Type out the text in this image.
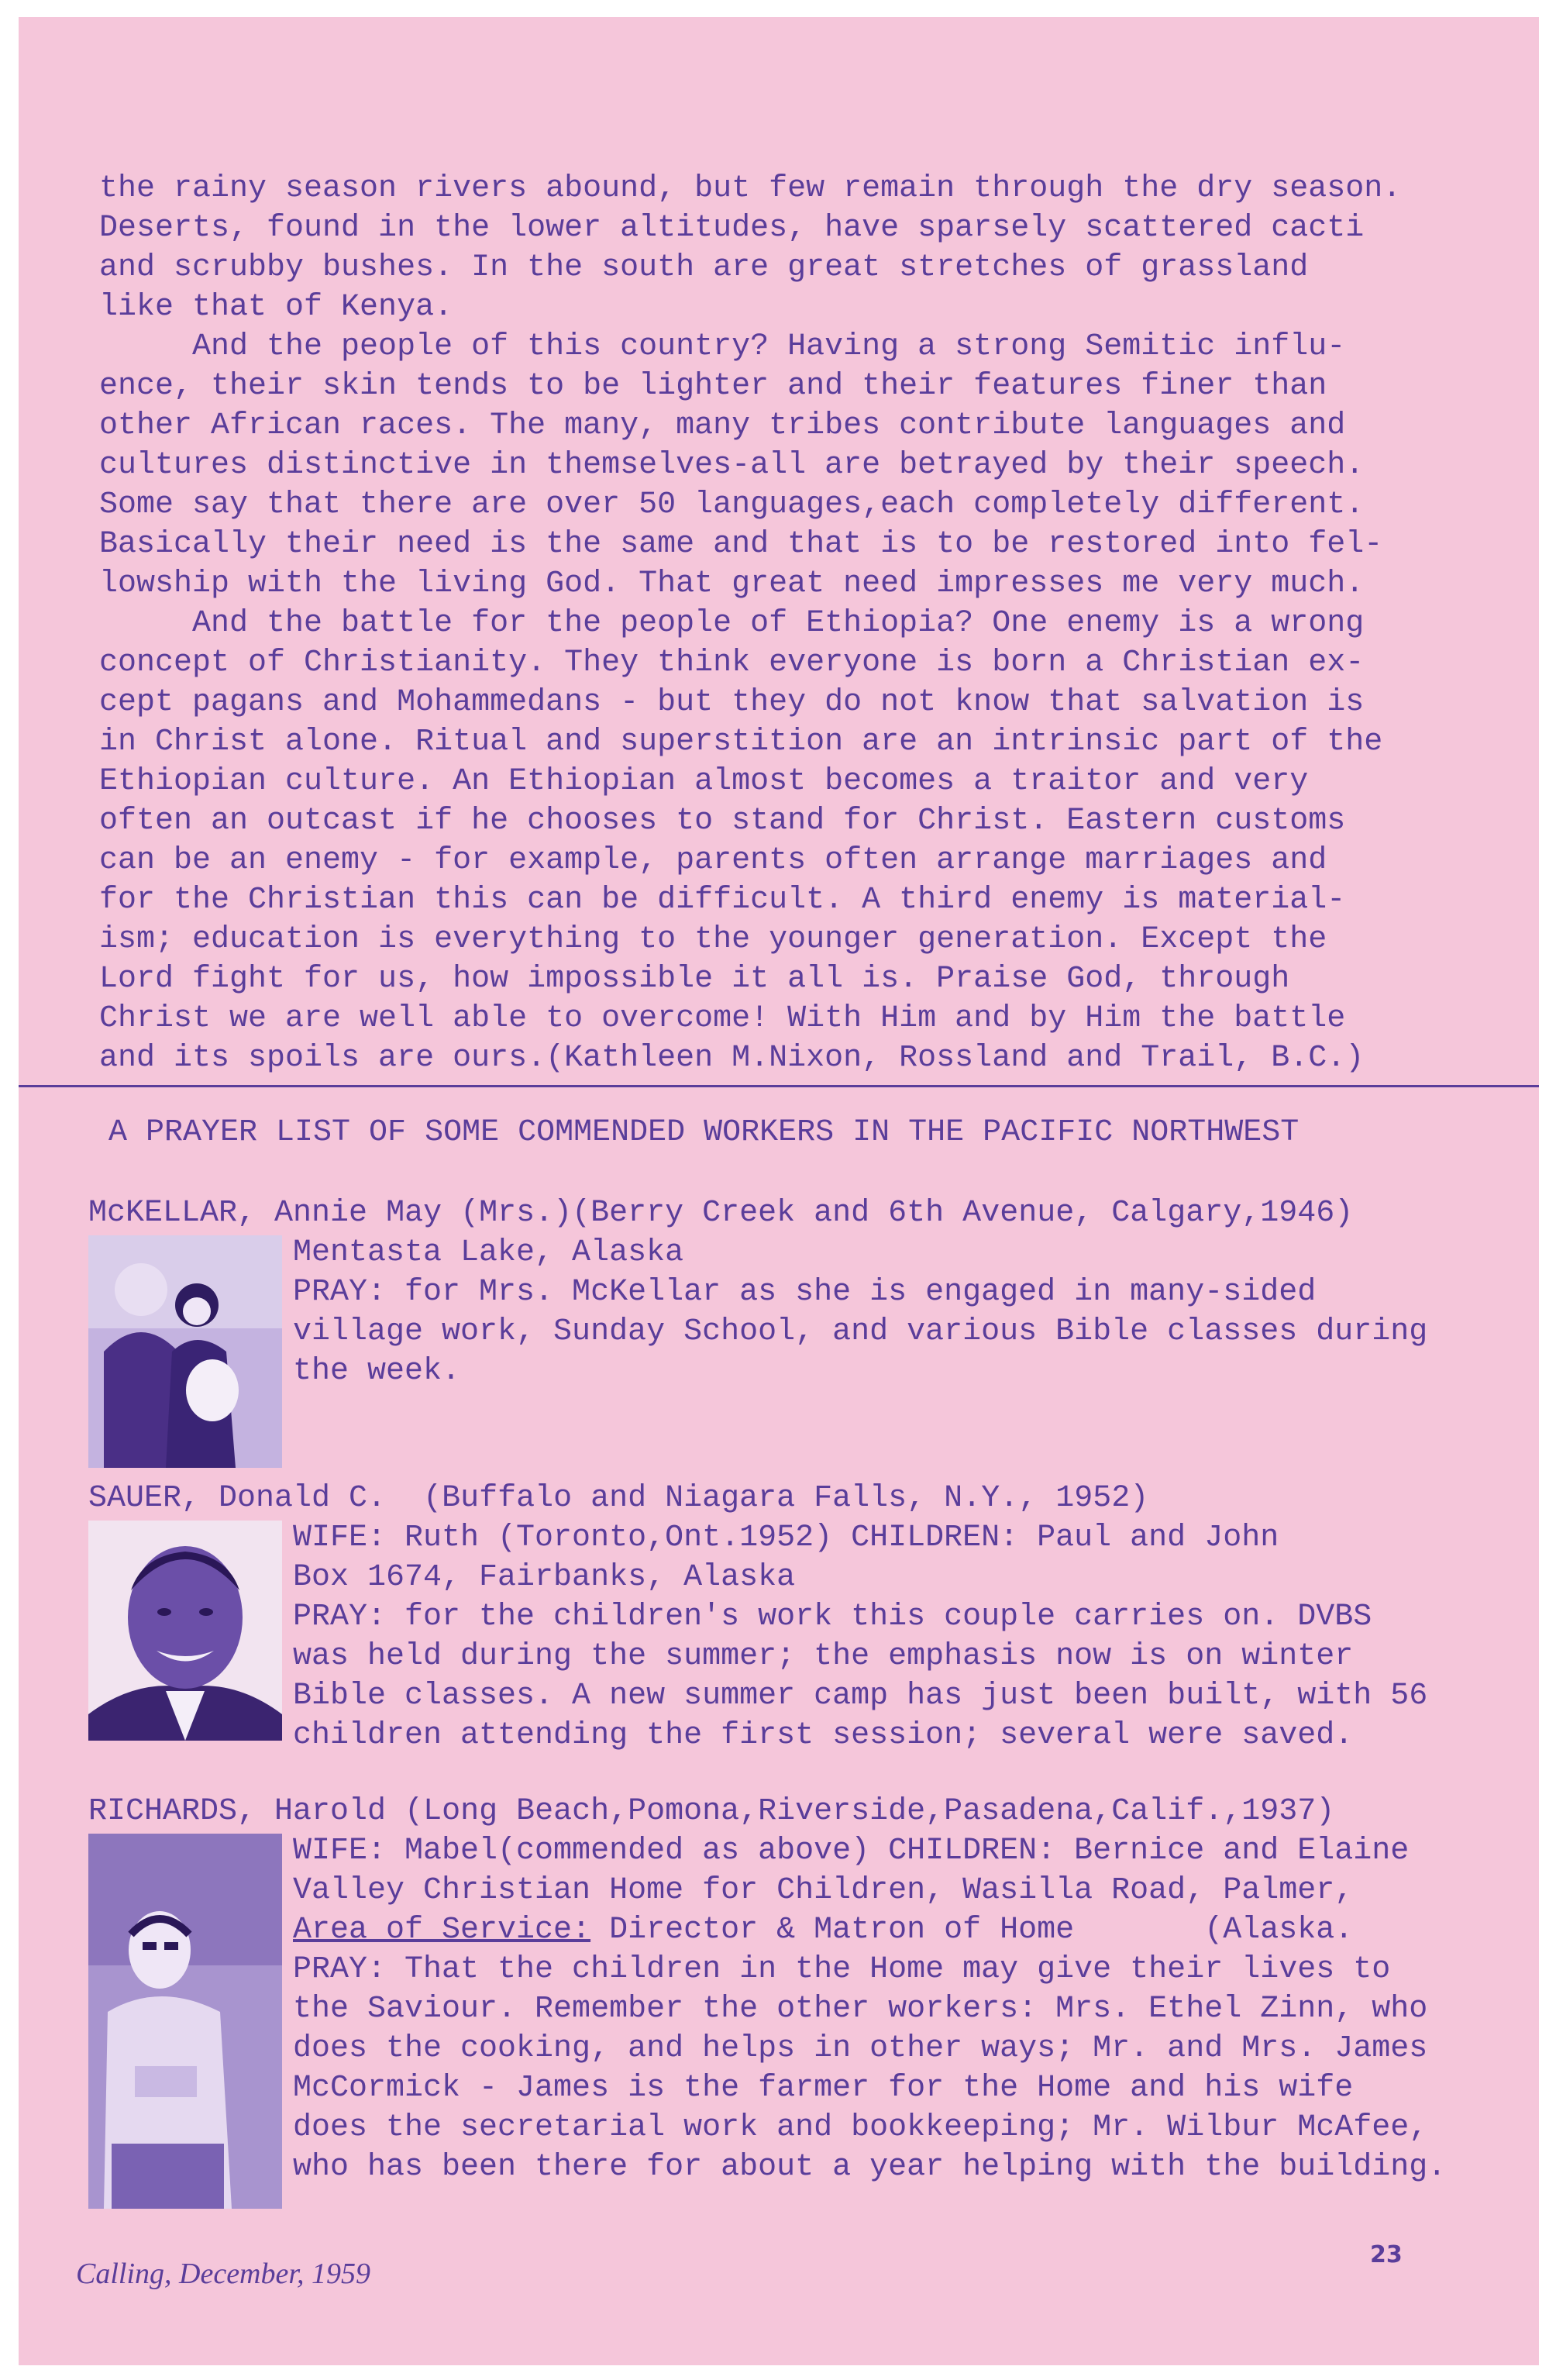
the rainy season rivers abound, but few remain through the dry season.
Deserts, found in the lower altitudes, have sparsely scattered cacti
and scrubby bushes. In the south are great stretches of grassland
like that of Kenya.
And the people of this country? Having a strong Semitic influ-
ence, their skin tends to be lighter and their features finer than
other African races. The many, many tribes contribute languages and
cultures distinctive in themselves-all are betrayed by their speech.
Some say that there are over 50 languages,each completely different.
Basically their need is the same and that is to be restored into fel-
lowship with the living God. That great need impresses me very much.
And the battle for the people of Ethiopia? One enemy is a wrong
concept of Christianity. They think everyone is born a Christian ex-
cept pagans and Mohammedans - but they do not know that salvation is
in Christ alone. Ritual and superstition are an intrinsic part of the
Ethiopian culture. An Ethiopian almost becomes a traitor and very
often an outcast if he chooses to stand for Christ. Eastern customs
can be an enemy - for example, parents often arrange marriages and
for the Christian this can be difficult. A third enemy is material-
ism; education is everything to the younger generation. Except the
Lord fight for us, how impossible it all is. Praise God, through
Christ we are well able to overcome! With Him and by Him the battle
and its spoils are ours.(Kathleen M.Nixon, Rossland and Trail, B.C.)

A PRAYER LIST OF SOME COMMENDED WORKERS IN THE PACIFIC NORTHWEST

McKELLAR, Annie May (Mrs.)(Berry Creek and 6th Avenue, Calgary,1946)

Mentasta Lake, Alaska
PRAY: for Mrs. McKellar as she is engaged in many-sided
village work, Sunday School, and various Bible classes during
the week.

SAUER, Donald C.  (Buffalo and Niagara Falls, N.Y., 1952)

WIFE: Ruth (Toronto,Ont.1952) CHILDREN: Paul and John
Box 1674, Fairbanks, Alaska
PRAY: for the children's work this couple carries on. DVBS
was held during the summer; the emphasis now is on winter
Bible classes. A new summer camp has just been built, with 56
children attending the first session; several were saved.

RICHARDS, Harold (Long Beach,Pomona,Riverside,Pasadena,Calif.,1937)

WIFE: Mabel(commended as above) CHILDREN: Bernice and Elaine
Valley Christian Home for Children, Wasilla Road, Palmer,
Area of Service: Director & Matron of Home       (Alaska.
PRAY: That the children in the Home may give their lives to
the Saviour. Remember the other workers: Mrs. Ethel Zinn, who
does the cooking, and helps in other ways; Mr. and Mrs. James
McCormick - James is the farmer for the Home and his wife
does the secretarial work and bookkeeping; Mr. Wilbur McAfee,
who has been there for about a year helping with the building.

Calling, December, 1959
23
